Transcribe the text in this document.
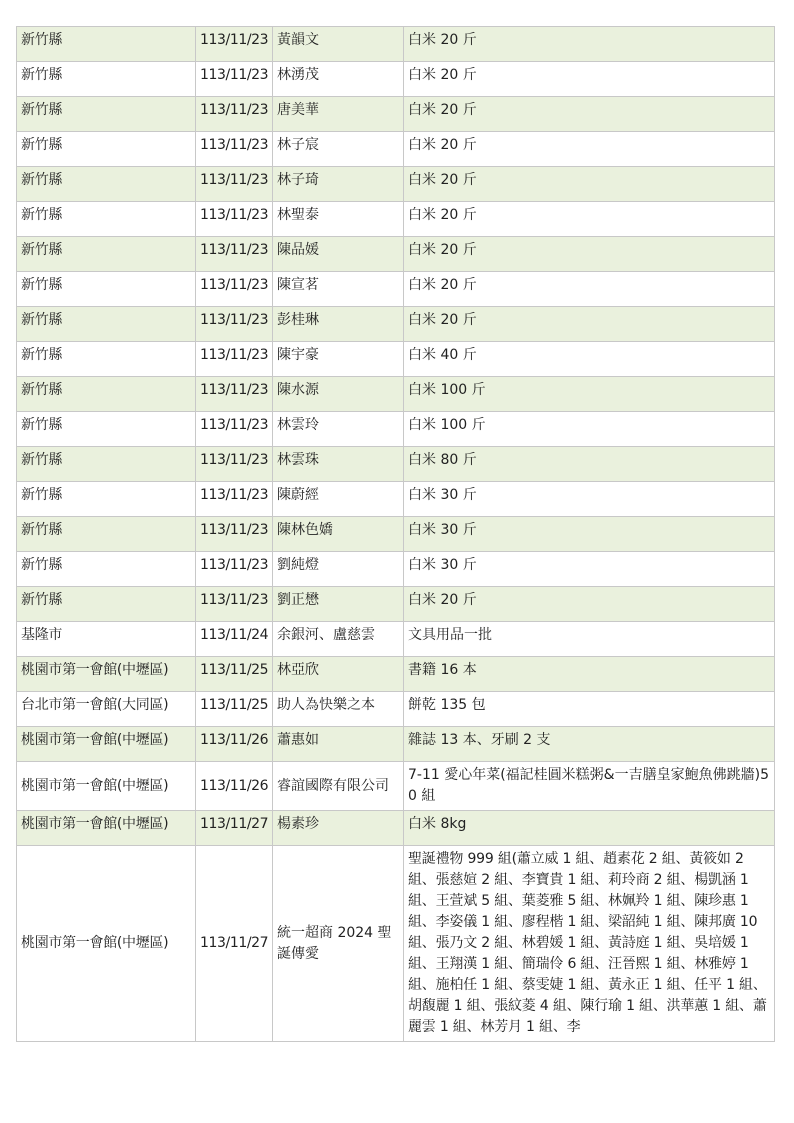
新竹縣	113/11/23	黃韻文	白米 20 斤
新竹縣	113/11/23	林湧茂	白米 20 斤
新竹縣	113/11/23	唐美華	白米 20 斤
新竹縣	113/11/23	林子宸	白米 20 斤
新竹縣	113/11/23	林子琦	白米 20 斤
新竹縣	113/11/23	林聖泰	白米 20 斤
新竹縣	113/11/23	陳品媛	白米 20 斤
新竹縣	113/11/23	陳宣茗	白米 20 斤
新竹縣	113/11/23	彭桂琳	白米 20 斤
新竹縣	113/11/23	陳宇豪	白米 40 斤
新竹縣	113/11/23	陳水源	白米 100 斤
新竹縣	113/11/23	林雲玲	白米 100 斤
新竹縣	113/11/23	林雲珠	白米 80 斤
新竹縣	113/11/23	陳蔚經	白米 30 斤
新竹縣	113/11/23	陳林色嬌	白米 30 斤
新竹縣	113/11/23	劉純燈	白米 30 斤
新竹縣	113/11/23	劉正懋	白米 20 斤
基隆市	113/11/24	余銀河、盧慈雲	文具用品一批
桃園市第一會館(中壢區)	113/11/25	林亞欣	書籍 16 本
台北市第一會館(大同區)	113/11/25	助人為快樂之本	餅乾 135 包
桃園市第一會館(中壢區)	113/11/26	蕭惠如	雜誌 13 本、牙刷 2 支
桃園市第一會館(中壢區)	113/11/26	睿誼國際有限公司	7-11 愛心年菜(福記桂圓米糕粥&一吉膳皇家鮑魚佛跳牆)50 組
桃園市第一會館(中壢區)	113/11/27	楊素珍	白米 8kg
桃園市第一會館(中壢區)	113/11/27	統一超商 2024 聖誕傳愛	聖誕禮物 999 組(蕭立威 1 組、趙素花 2 組、黃筱如 2 組、張慈媗 2 組、李寶貴 1 組、莉玲商 2 組、楊凱涵 1 組、王萱斌 5 組、葉菱雅 5 組、林姵羚 1 組、陳珍惠 1 組、李姿儀 1 組、廖程楷 1 組、梁韶純 1 組、陳邦廣 10 組、張乃文 2 組、林碧媛 1 組、黃詩庭 1 組、吳培媛 1 組、王翔漢 1 組、簡瑞伶 6 組、汪晉熙 1 組、林雅婷 1 組、施柏任 1 組、蔡雯婕 1 組、黃永正 1 組、任平 1 組、胡馥麗 1 組、張紋菱 4 組、陳行瑜 1 組、洪華蕙 1 組、蕭麗雲 1 組、林芳月 1 組、李
